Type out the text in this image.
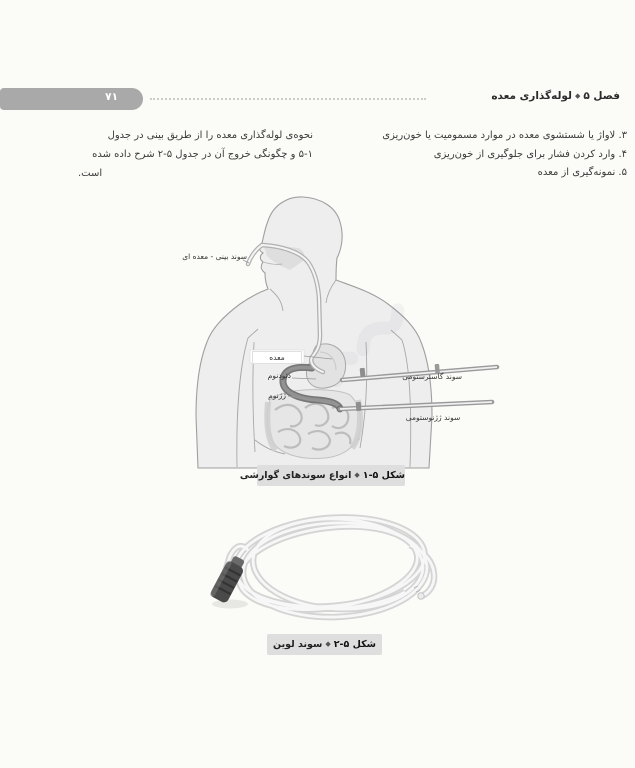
۷۱	فصل ۵◆لوله‌گذاری معده
۳. لاواژ یا شستشوی معده در موارد مسمومیت یا خون‌ریزی
۴. وارد کردن فشار برای جلوگیری از خون‌ریزی
۵. نمونه‌گیری از معده
نحوه‌ی لوله‌گذاری معده را از طریق بینی در جدول
۵-۱ و چگونگی خروج آن در جدول ۵-۲ شرح داده شده
است.
سوند بینی - معده ای
معده
دئودنوم
ژژنوم
سوند گاسترستومی
سوند ژژنوستومی
شکل ۵-۱◆انواع سوندهای گوارشی
شکل ۵-۲◆سوند لوین
